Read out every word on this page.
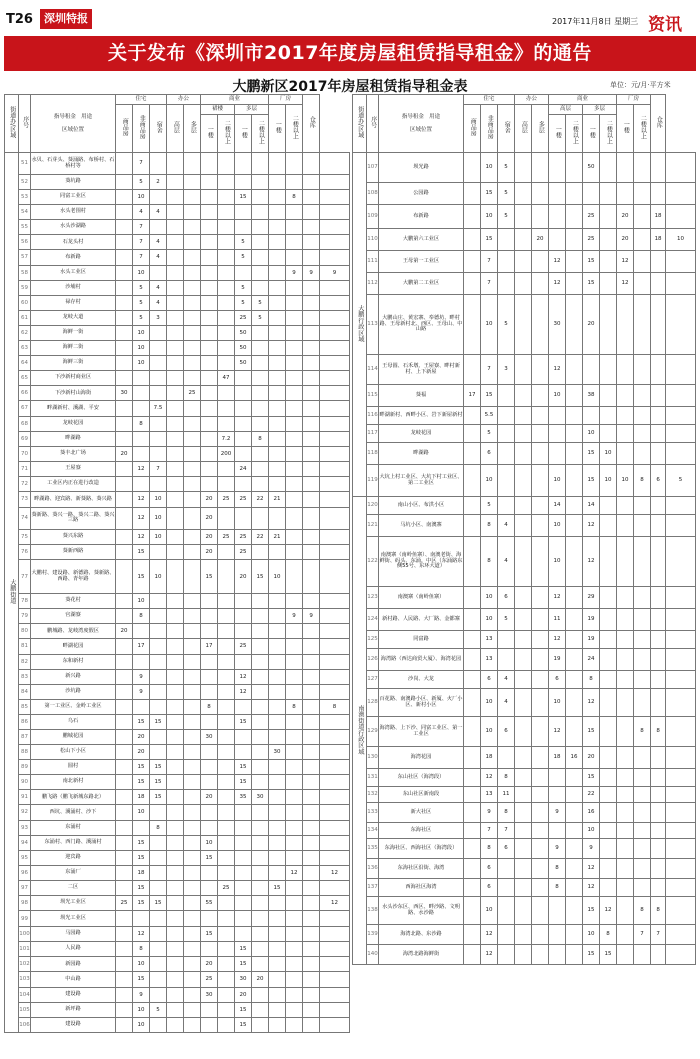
T26	深圳特报	2017年11月8日 星期三 资讯
关于发布《深圳市2017年度房屋租赁指导租金》的通告
大鹏新区2017年房屋租赁指导租金表	单位：元/月·平方米
街道办/区域	序号	指导租金 用途

区域位置	住宅			办公		商业				厂房		仓库	
			商品房	非商品房	宿舍	高层	多层	裙楼		多层		一楼	二楼以上		
								一楼	二楼以上	一楼	二楼以上				
大鹏街道	51	水贝、石芽头、葵涌路、布桥村、石桥村等		7											
	52	葵坑路		5	2										
	53	同富工业区		10						15			8		
	54	水头老围村		4	4										
	55	水头沙湖路		7											
	56	石龙头村		7	4					5					
	57	布新路		7	4					5					
	58	水头工业区		10									9	9	9
	59	沙埔村		5	4					5					
	60	禄存村		5	4					5	5				
	61	龙岐大道		5	3					25	5				
	62	海鲜一街		10						50					
	63	海鲜二街		10						50					
	64	海鲜三街		10						50					
	65	下沙新村商业区							47						
	66	下沙新村山海街	30				25								
	67	畔湖新村、溪湖、平安			7.5										
	68	龙岐花园		8											
	69	畔湖路							7.2		8				
	70	葵丰北广场	20						200						
	71	王屋寮		12	7					24					
	72	工业区内正在进行改造													
	73	畔湖路、迎宾路、新葵路、葵兴路		12	10			20	25	25	22	21			
	74	葵新路、葵兴一路、葵兴二路、葵兴三路		12	10			20							
	75	葵兴东路		12	10			20	25	25	22	21			
	76	葵新西路		15				20		25					
	77	大鹏村、建设路、新德路、葵新路、西路、青年路		15	10			15		20	15	10			
	78	葵花村		10											
	79	官湖寮		8									9	9	
	80	鹏城路、龙岐湾度假区	20												
	81	畔湖花园		17				17		25					
	82	东和新村													
	83	新兴路		9						12					
	84	沙坑路		9						12					
	85	第一工业区、金岭工业区						8					8		8
	86	乌石		15	15					15					
	87	鹏城花园		20				30							
	88	松山下小区		20								30			
	89	圆村		15	15					15					
	90	南北新村		15	15					15					
	91	鹏飞路（鹏飞新城东路北）		18	15			20		35	30				
	92	西坑、溪涌村、沙下		10											
	93	东涌村			8										
	94	东涌村、西门路、溪涌村		15				10							
	95	迎宾路		15				15							
	96	东涌厂		18									12		12
	97	二区		15					25			15			
	98	坝光工业区	25	15	15			55							12
	99	坝光工业区													
	100	马园路		12				15							
	101	人民路		8						15					
	102	新园路		10				20		15					
	103	中山路		15				25		30	20				
	104	建设路		9				30		20					
	105	新坪路		10	5					15					
	106	建设路		10						15					
街道办/区域	序号	指导租金 用途

区域位置	住宅			办公		商业				厂房		仓库	
			商品房	非商品房	宿舍	高层	多层	高层		多层		一楼	二楼以上		
								一楼	二楼以上	一楼	二楼以上				
大鹏行政区域	107	坝光路		10	5					50					
	108	公园路		15	5										
	109	布新路		10	5					25		20		18	
	110	大鹏第六工业区		15			20			25		20		18	10
	111	王母第一工业区		7				12		15		12			
	112	大鹏第二工业区		7				12		15		12			
	113	大鹏山庄、黄宏寨、奉德坊、畔村路、王母新村北、西区、王母山、中山路		10	5			30		20					
	114	王母圆、石禾墩、王屋寮、畔村新村、上下新屋		7	3			12							
	115	葵福	17	15				10		38					
	116	畔湖新村、西畔小区、岩下新屋新村		5.5											
	117	龙岐花园		5						10					
	118	畔湖路		6						15	10				
	119	大坑上村工业区、大坑下村工业区、第二工业区		10				10		15	10	10	8	6	5
南澳街道行政区域	120	南山小区、布洪小区		5				14		14					
	121	马坑小区、南澳寨		8	4			10		12					
	122	南澳寨（南岭鱼寨）、南澳老街、海鲜街、码头、东涌、中区（东涌路东侧55号、东环大道）		8	4			10		12					
	123	南澳寨（南岭鱼寨）		10	6			12		29					
	124	新村路、人民路、大厂路、金都寨		10	5			11		19					
	125	同富路		13				12		19					
	126	海湾路（西达商贸大厦）、海湾花园		13				19		24					
	127	沙岗、大龙		6	4			6		8					
	128	百花路、南澳路小区、新厦、火厂小区、新村小区		10	4			10		12					
	129	海湾路、上下沙、同富工业区、第一工业区		10	6			12		15			8	8	
	130	海湾花园		18				18	16	20					
	131	东山社区（海湾段）		12	8					15					
	132	东山社区新南段		13	11					22					
	133	新大社区		9	8			9		16					
	134	东海社区		7	7					10					
	135	东海社区、西海社区（海湾段）		8	6			9		9					
	136	东海社区沿街、海湾		6				8		12					
	137	西海社区海湾		6				8		12					
	138	水头沙东区、西区、畔沙路、文明路、水沙路		10						15	12		8	8	
	139	海湾北路、东沙路		12						10	8		7	7	
	140	海湾北路海鲜街		12						15	15				
